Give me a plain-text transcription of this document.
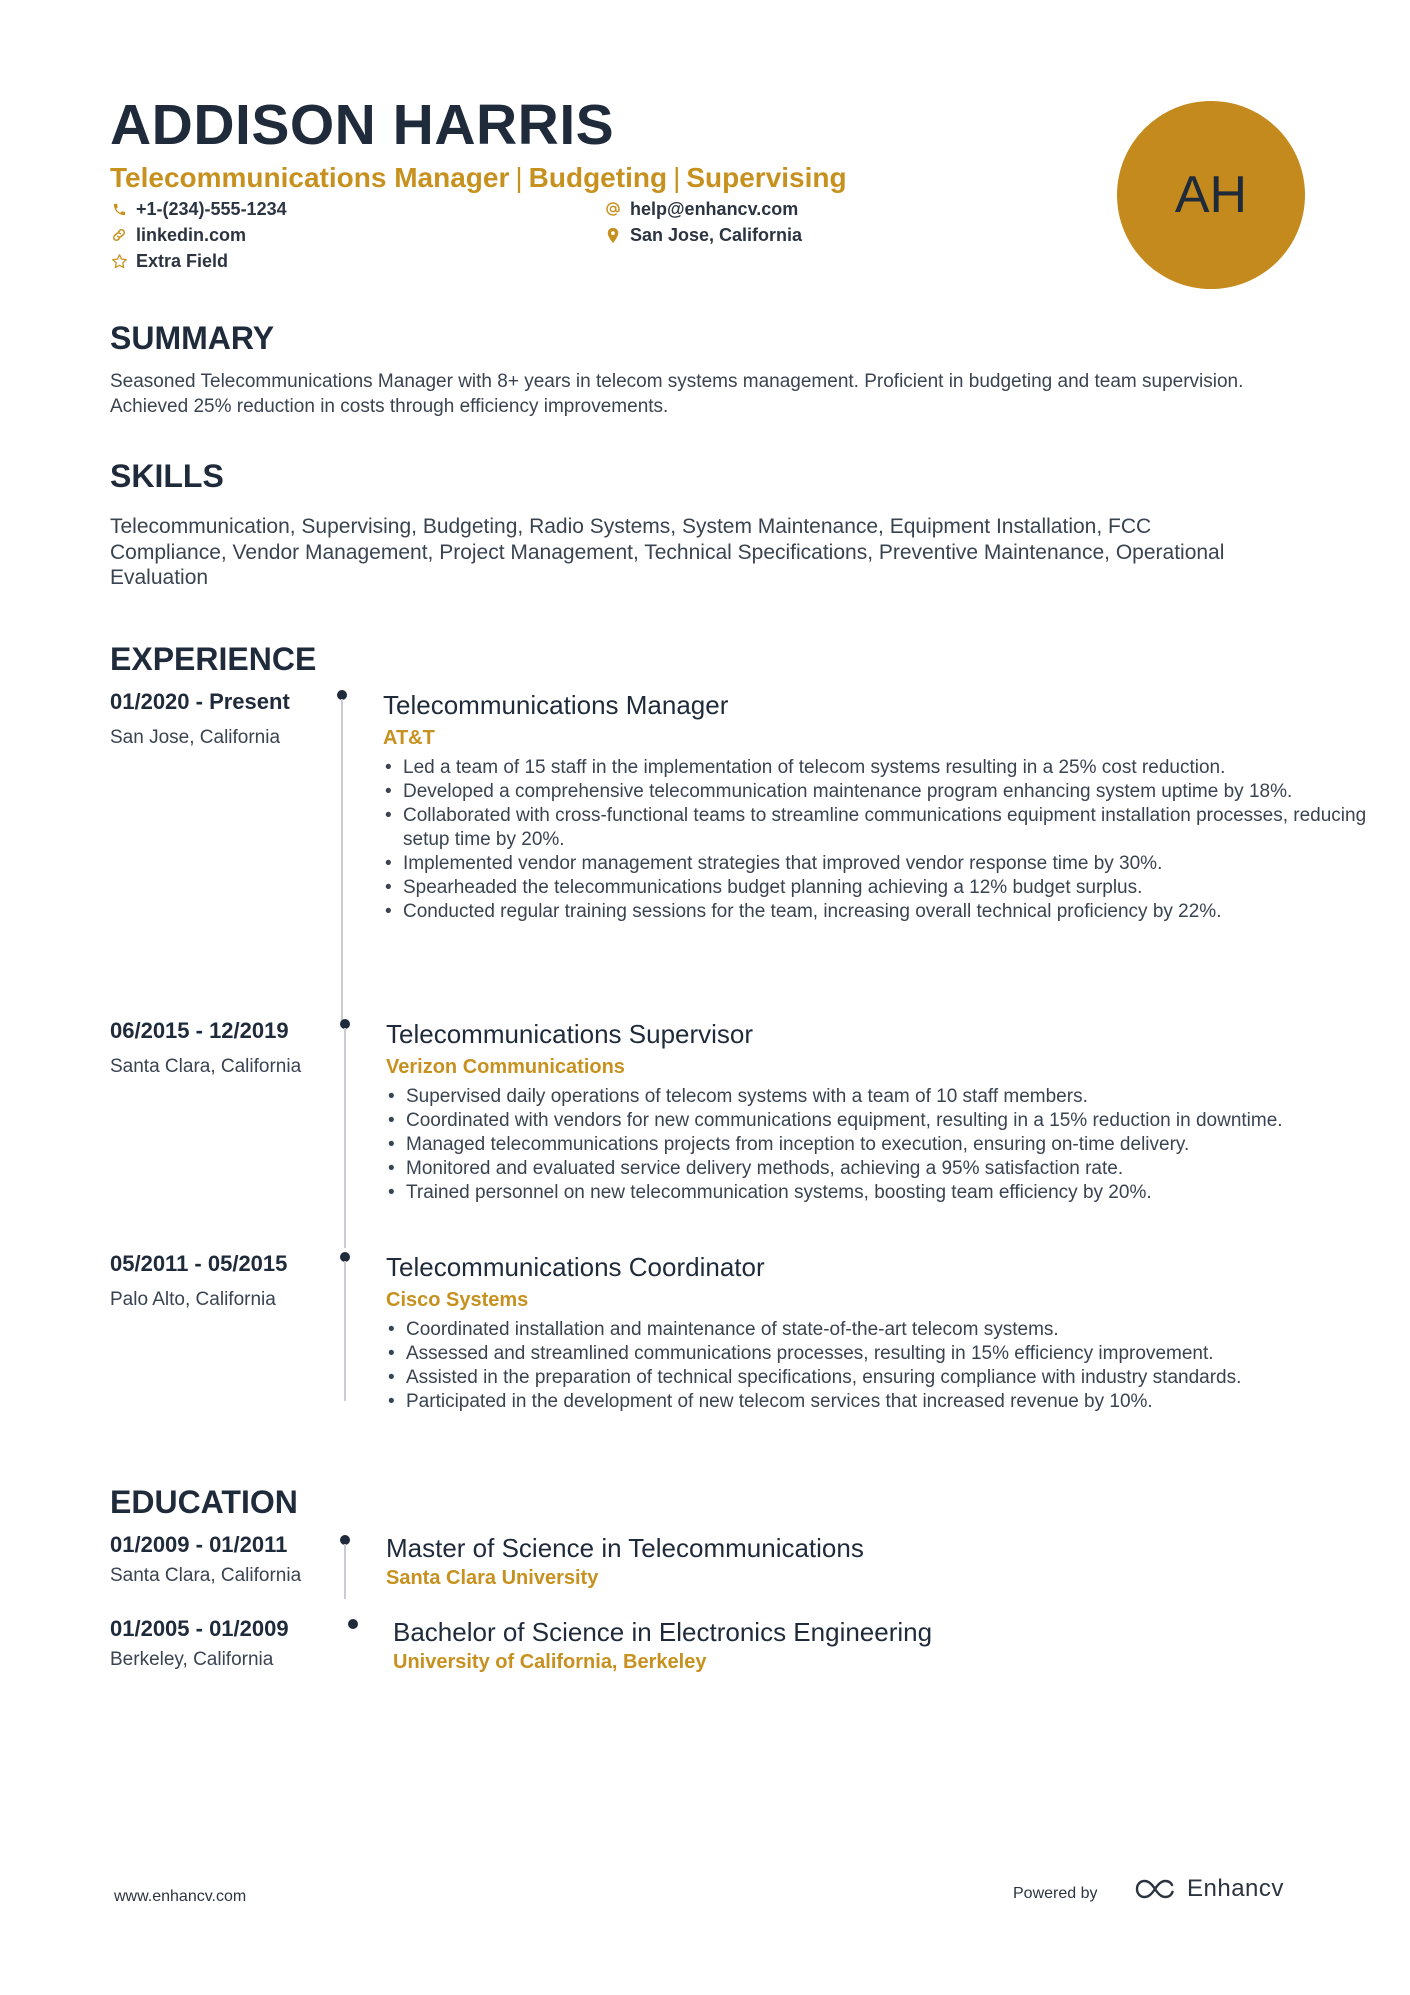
ADDISON HARRIS
Telecommunications Manager | Budgeting | Supervising
+1-(234)-555-1234	help@enhancv.com
linkedin.com	San Jose, California
Extra Field
AH
SUMMARY

Seasoned Telecommunications Manager with 8+ years in telecom systems management. Proficient in budgeting and team supervision. Achieved 25% reduction in costs through efficiency improvements.

SKILLS

Telecommunication, Supervising, Budgeting, Radio Systems, System Maintenance, Equipment Installation, FCC Compliance, Vendor Management, Project Management, Technical Specifications, Preventive Maintenance, Operational Evaluation

EXPERIENCE
01/2020 - Present
San Jose, California
Telecommunications Manager
AT&T
• Led a team of 15 staff in the implementation of telecom systems resulting in a 25% cost reduction.
• Developed a comprehensive telecommunication maintenance program enhancing system uptime by 18%.
• Collaborated with cross-functional teams to streamline communications equipment installation processes, reducing setup time by 20%.
• Implemented vendor management strategies that improved vendor response time by 30%.
• Spearheaded the telecommunications budget planning achieving a 12% budget surplus.
• Conducted regular training sessions for the team, increasing overall technical proficiency by 22%.
06/2015 - 12/2019
Santa Clara, California
Telecommunications Supervisor
Verizon Communications
• Supervised daily operations of telecom systems with a team of 10 staff members.
• Coordinated with vendors for new communications equipment, resulting in a 15% reduction in downtime.
• Managed telecommunications projects from inception to execution, ensuring on-time delivery.
• Monitored and evaluated service delivery methods, achieving a 95% satisfaction rate.
• Trained personnel on new telecommunication systems, boosting team efficiency by 20%.
05/2011 - 05/2015
Palo Alto, California
Telecommunications Coordinator
Cisco Systems
• Coordinated installation and maintenance of state-of-the-art telecom systems.
• Assessed and streamlined communications processes, resulting in 15% efficiency improvement.
• Assisted in the preparation of technical specifications, ensuring compliance with industry standards.
• Participated in the development of new telecom services that increased revenue by 10%.
EDUCATION
01/2009 - 01/2011
Santa Clara, California
Master of Science in Telecommunications
Santa Clara University
01/2005 - 01/2009
Berkeley, California
Bachelor of Science in Electronics Engineering
University of California, Berkeley
www.enhancv.com	Powered by	Enhancv
